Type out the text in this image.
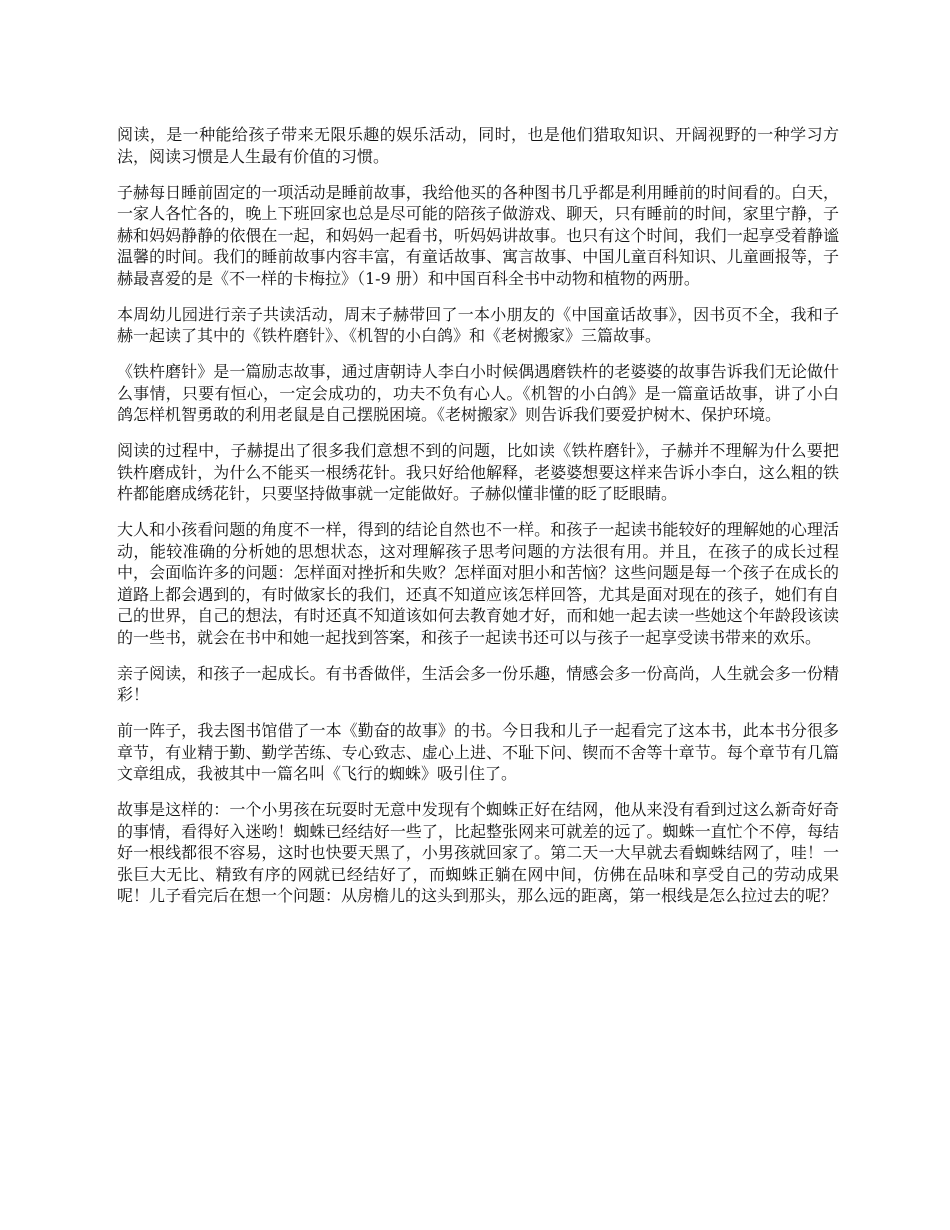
阅读，是一种能给孩子带来无限乐趣的娱乐活动，同时，也是他们猎取知识、开阔视野的一种学习方法，阅读习惯是人生最有价值的习惯。

子赫每日睡前固定的一项活动是睡前故事，我给他买的各种图书几乎都是利用睡前的时间看的。白天，一家人各忙各的，晚上下班回家也总是尽可能的陪孩子做游戏、聊天，只有睡前的时间，家里宁静，子赫和妈妈静静的依偎在一起，和妈妈一起看书，听妈妈讲故事。也只有这个时间，我们一起享受着静谧温馨的时间。我们的睡前故事内容丰富，有童话故事、寓言故事、中国儿童百科知识、儿童画报等，子赫最喜爱的是《不一样的卡梅拉》（1-9 册）和中国百科全书中动物和植物的两册。

本周幼儿园进行亲子共读活动，周末子赫带回了一本小朋友的《中国童话故事》，因书页不全，我和子赫一起读了其中的《铁杵磨针》、《机智的小白鸽》和《老树搬家》三篇故事。

《铁杵磨针》是一篇励志故事，通过唐朝诗人李白小时候偶遇磨铁杵的老婆婆的故事告诉我们无论做什么事情，只要有恒心，一定会成功的，功夫不负有心人。《机智的小白鸽》是一篇童话故事，讲了小白鸽怎样机智勇敢的利用老鼠是自己摆脱困境。《老树搬家》则告诉我们要爱护树木、保护环境。

阅读的过程中，子赫提出了很多我们意想不到的问题，比如读《铁杵磨针》，子赫并不理解为什么要把铁杵磨成针，为什么不能买一根绣花针。我只好给他解释，老婆婆想要这样来告诉小李白，这么粗的铁杵都能磨成绣花针，只要坚持做事就一定能做好。子赫似懂非懂的眨了眨眼睛。

大人和小孩看问题的角度不一样，得到的结论自然也不一样。和孩子一起读书能较好的理解她的心理活动，能较准确的分析她的思想状态，这对理解孩子思考问题的方法很有用。并且，在孩子的成长过程中，会面临许多的问题：怎样面对挫折和失败？怎样面对胆小和苦恼？这些问题是每一个孩子在成长的道路上都会遇到的，有时做家长的我们，还真不知道应该怎样回答，尤其是面对现在的孩子，她们有自己的世界，自己的想法，有时还真不知道该如何去教育她才好，而和她一起去读一些她这个年龄段该读的一些书，就会在书中和她一起找到答案，和孩子一起读书还可以与孩子一起享受读书带来的欢乐。

亲子阅读，和孩子一起成长。有书香做伴，生活会多一份乐趣，情感会多一份高尚，人生就会多一份精彩！

前一阵子，我去图书馆借了一本《勤奋的故事》的书。今日我和儿子一起看完了这本书，此本书分很多章节，有业精于勤、勤学苦练、专心致志、虚心上进、不耻下问、锲而不舍等十章节。每个章节有几篇文章组成，我被其中一篇名叫《飞行的蜘蛛》吸引住了。

故事是这样的：一个小男孩在玩耍时无意中发现有个蜘蛛正好在结网，他从来没有看到过这么新奇好奇的事情，看得好入迷哟！蜘蛛已经结好一些了，比起整张网来可就差的远了。蜘蛛一直忙个不停，每结好一根线都很不容易，这时也快要天黑了，小男孩就回家了。第二天一大早就去看蜘蛛结网了，哇！一张巨大无比、精致有序的网就已经结好了，而蜘蛛正躺在网中间，仿佛在品味和享受自己的劳动成果呢！儿子看完后在想一个问题：从房檐儿的这头到那头，那么远的距离，第一根线是怎么拉过去的呢？
